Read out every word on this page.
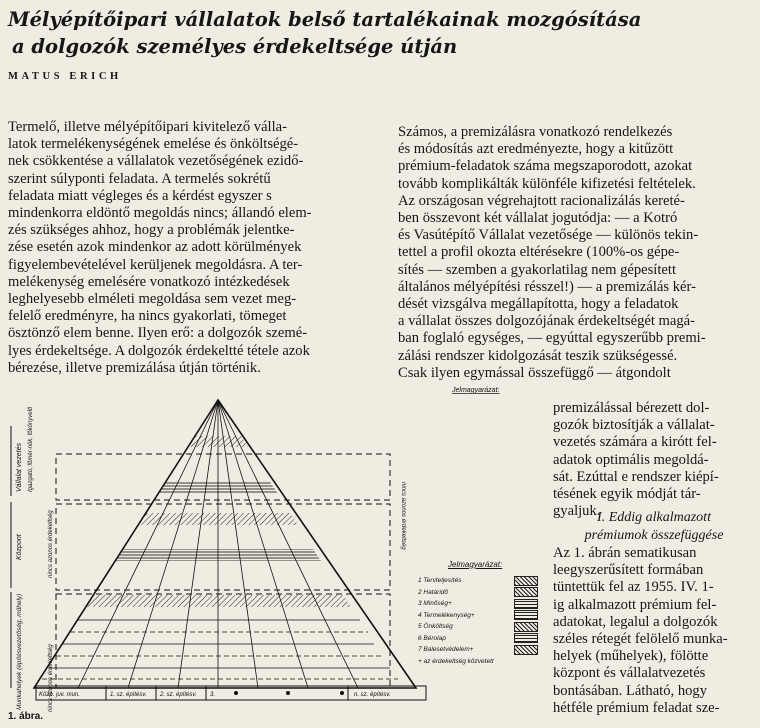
Mélyépítőipari vállalatok belső tartalékainak mozgósítása
a dolgozók személyes érdekeltsége útján
MATUS ERICH

Termelő, illetve mélyépítőipari kivitelező válla-
latok termelékenységének emelése és önköltségé-
nek csökkentése a vállalatok vezetőségének ezidő-
szerint súlyponti feladata. A termelés sokrétű
feladata miatt végleges és a kérdést egyszer s
mindenkorra eldöntő megoldás nincs; állandó elem-
zés szükséges ahhoz, hogy a problémák jelentke-
zése esetén azok mindenkor az adott körülmények
figyelembevételével kerüljenek megoldásra. A ter-
melékenység emelésére vonatkozó intézkedések
leghelyesebb elméleti megoldása sem vezet meg-
felelő eredményre, ha nincs gyakorlati, tömeget
ösztönző elem benne. Ilyen erő: a dolgozók szemé-
lyes érdekeltsége. A dolgozók érdekeltté tétele azok
bérezése, illetve premizálása útján történik.

Számos, a premizálásra vonatkozó rendelkezés
és módosítás azt eredményezte, hogy a kitűzött
prémium-feladatok száma megszaporodott, azokat
tovább komplikálták különféle kifizetési feltételek.
Az országosan végrehajtott racionalizálás kereté-
ben összevont két vállalat jogutódja: — a Kotró
és Vasútépítő Vállalat vezetősége — különös tekin-
tettel a profil okozta eltérésekre (100%-os gépe-
sítés — szemben a gyakorlatilag nem gépesített
általános mélyépítési résszel!) — a premizálás kér-
dését vizsgálva megállapította, hogy a feladatok
a vállalat összes dolgozójának érdekeltségét magá-
ban foglaló egységes, — egyúttal egyszerűbb premi-
zálási rendszer kidolgozását teszik szükségessé.
Csak ilyen egymással összefüggő — átgondolt

premizálással bérezett dol-
gozók biztosítják a vállalat-
vezetés számára a kirótt fel-
adatok optimális megoldá-
sát. Ezúttal e rendszer kiépí-
tésének egyik módját tár-
gyaljuk.

I. Eddig alkalmazott
prémiumok összefüggése

Az 1. ábrán sematikusan
leegyszerűsített formában
tüntettük fel az 1955. IV. 1-
ig alkalmazott prémium fel-
adatokat, legalul a dolgozók
széles rétegét felölelő munka-
helyek (műhelyek), fölötte
központ és vállalatvezetés
bontásában. Látható, hogy
hétféle prémium feladat sze-

Vállalat vezetés Igazgató, főmér-nök, főkönyvelő
Központ
Munkahelyek (építésvezetőség, műhely)
nincs azonos érdekeltség
nincs azonos érdekeltség
nincs azonos érdekeltség
Közp. juv. mun.	1. sz. építésv. 2. sz. építésv. 3.	n. sz. építésv.
Jelmagyarázat:
Jelmagyarázat:
1 Tervteljesítés
2 Határidő
3 Minőség+
4 Termelékenység+
5 Önköltség
6 Bérolap
7 Balesetvédelem+
+ az érdekeltség közvetett
1. ábra.
